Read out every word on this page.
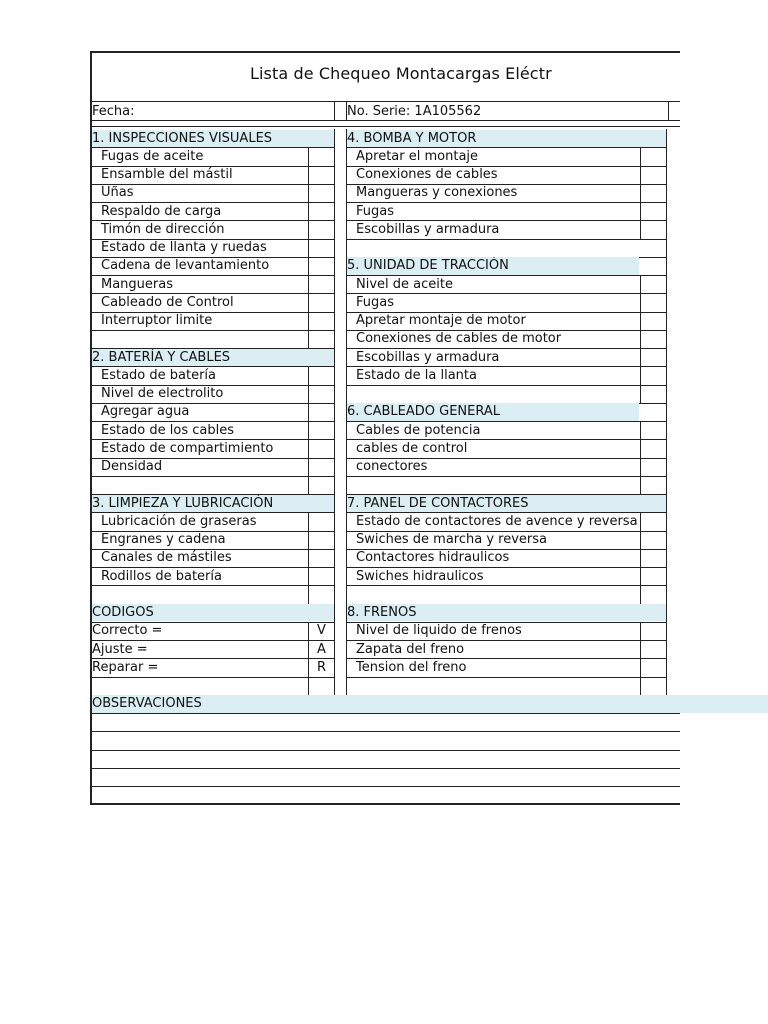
Lista de Chequeo Montacargas Eléctr
Fecha:	No. Serie: 1A105562
1. INSPECCIONES VISUALES
Fugas de aceite
Ensamble del mástil
Uñas
Respaldo de carga
Timón de dirección
Estado de llanta y ruedas
Cadena de levantamiento
Mangueras
Cableado de Control
Interruptor limite
2. BATERÍA Y CABLES
Estado de batería
Nivel de electrolito
Agregar agua
Estado de los cables
Estado de compartimiento
Densidad
3. LIMPIEZA Y LUBRICACIÓN
Lubricación de graseras
Engranes y cadena
Canales de mástiles
Rodillos de batería
CODIGOS
Correcto =	V
Ajuste =	A
Reparar =	R
4. BOMBA Y MOTOR
Apretar el montaje
Conexiones de cables
Mangueras y conexiones
Fugas
Escobillas y armadura
5. UNIDAD DE TRACCIÓN
Nivel de aceite
Fugas
Apretar montaje de motor
Conexiones de cables de motor
Escobillas y armadura
Estado de la llanta
6. CABLEADO GENERAL
Cables de potencia
cables de control
conectores
7. PANEL DE CONTACTORES
Estado de contactores de avence y reversa
Swiches de marcha y reversa
Contactores hidraulicos
Swiches hidraulicos
8. FRENOS
Nivel de liquido de frenos
Zapata del freno
Tension del freno
OBSERVACIONES
